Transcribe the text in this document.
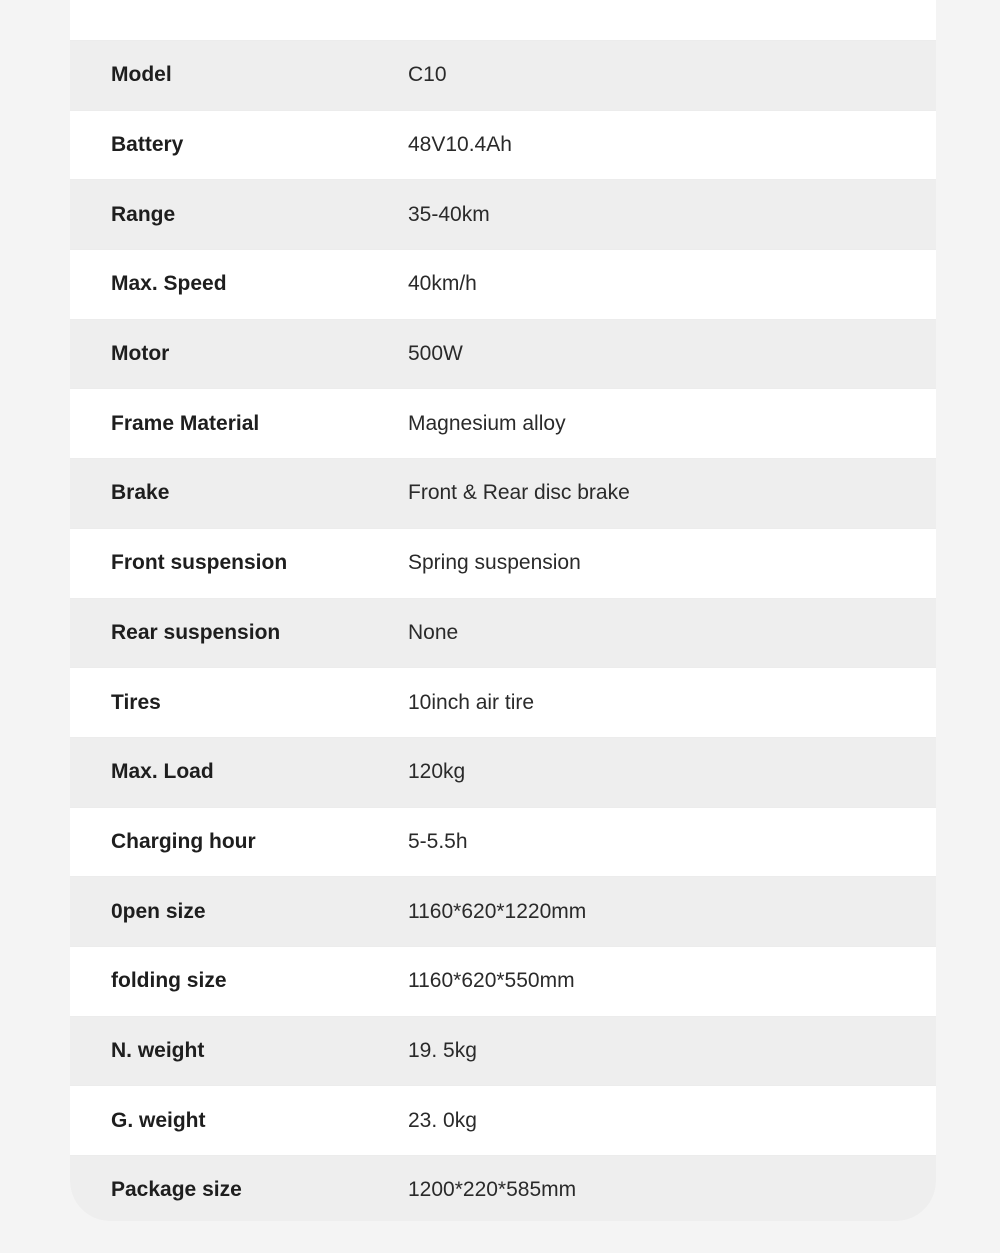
Model	C10
Battery	48V10.4Ah
Range	35-40km
Max. Speed	40km/h
Motor	500W
Frame Material	Magnesium alloy
Brake	Front & Rear disc brake
Front suspension	Spring suspension
Rear suspension	None
Tires	10inch air tire
Max. Load	120kg
Charging hour	5-5.5h
0pen size	1160*620*1220mm
folding size	1160*620*550mm
N. weight	19. 5kg
G. weight	23. 0kg
Package size	1200*220*585mm
